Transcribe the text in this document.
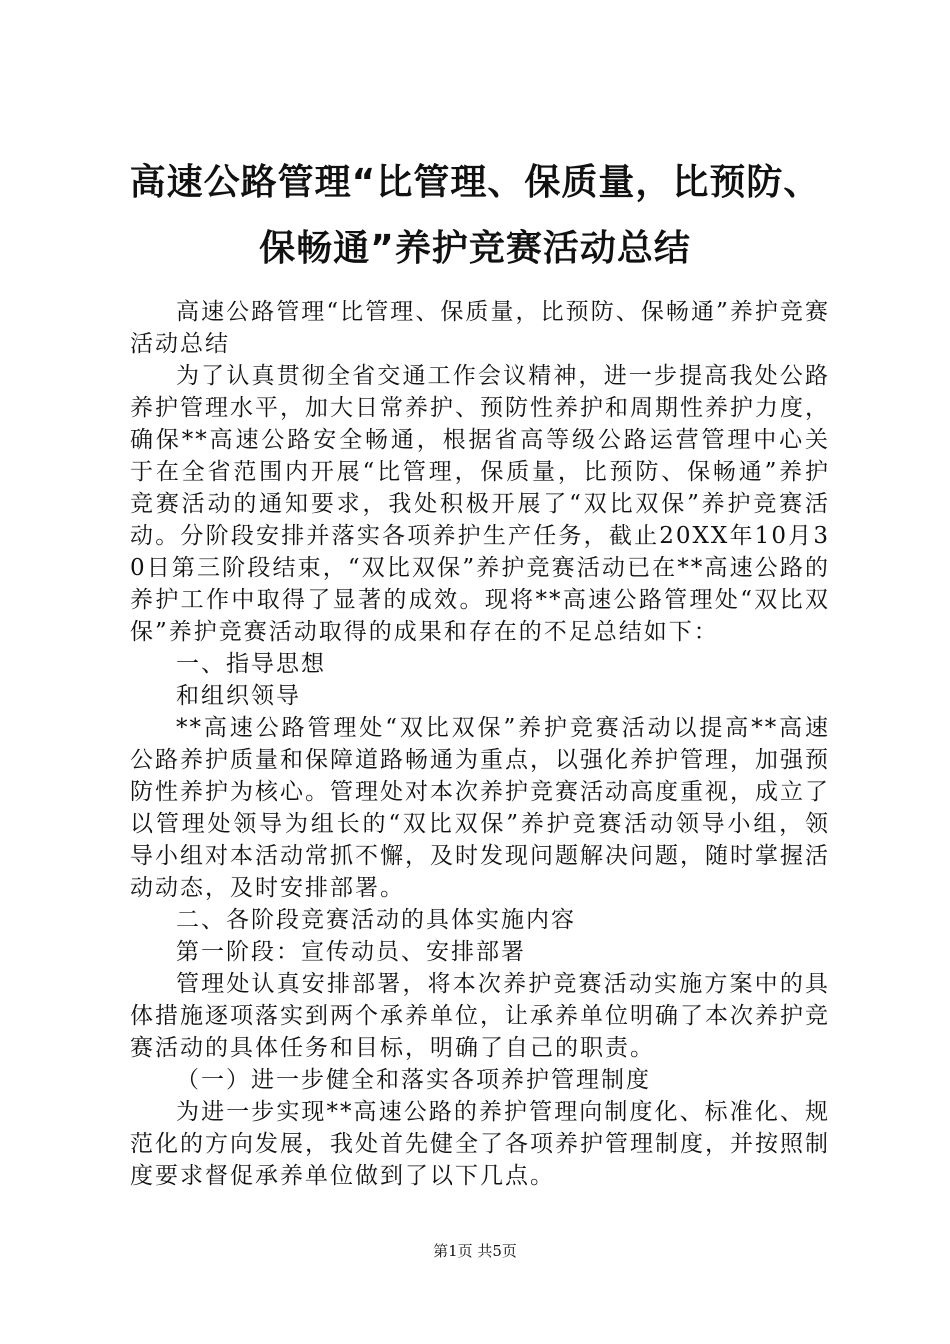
高速公路管理“比管理、保质量，比预防、保畅通”养护竞赛活动总结

高速公路管理“比管理、保质量，比预防、保畅通”养护竞赛活动总结

为了认真贯彻全省交通工作会议精神，进一步提高我处公路养护管理水平，加大日常养护、预防性养护和周期性养护力度，确保**高速公路安全畅通，根据省高等级公路运营管理中心关于在全省范围内开展“比管理，保质量，比预防、保畅通”养护竞赛活动的通知要求，我处积极开展了“双比双保”养护竞赛活动。分阶段安排并落实各项养护生产任务，截止20XX年10月30日第三阶段结束，“双比双保”养护竞赛活动已在**高速公路的养护工作中取得了显著的成效。现将**高速公路管理处“双比双保”养护竞赛活动取得的成果和存在的不足总结如下：

一、指导思想

和组织领导

**高速公路管理处“双比双保”养护竞赛活动以提高**高速公路养护质量和保障道路畅通为重点，以强化养护管理，加强预防性养护为核心。管理处对本次养护竞赛活动高度重视，成立了以管理处领导为组长的“双比双保”养护竞赛活动领导小组，领导小组对本活动常抓不懈，及时发现问题解决问题，随时掌握活动动态，及时安排部署。

二、各阶段竞赛活动的具体实施内容

第一阶段：宣传动员、安排部署

管理处认真安排部署，将本次养护竞赛活动实施方案中的具体措施逐项落实到两个承养单位，让承养单位明确了本次养护竞赛活动的具体任务和目标，明确了自己的职责。

（一）进一步健全和落实各项养护管理制度

为进一步实现**高速公路的养护管理向制度化、标准化、规范化的方向发展，我处首先健全了各项养护管理制度，并按照制度要求督促承养单位做到了以下几点。

第1页 共5页
